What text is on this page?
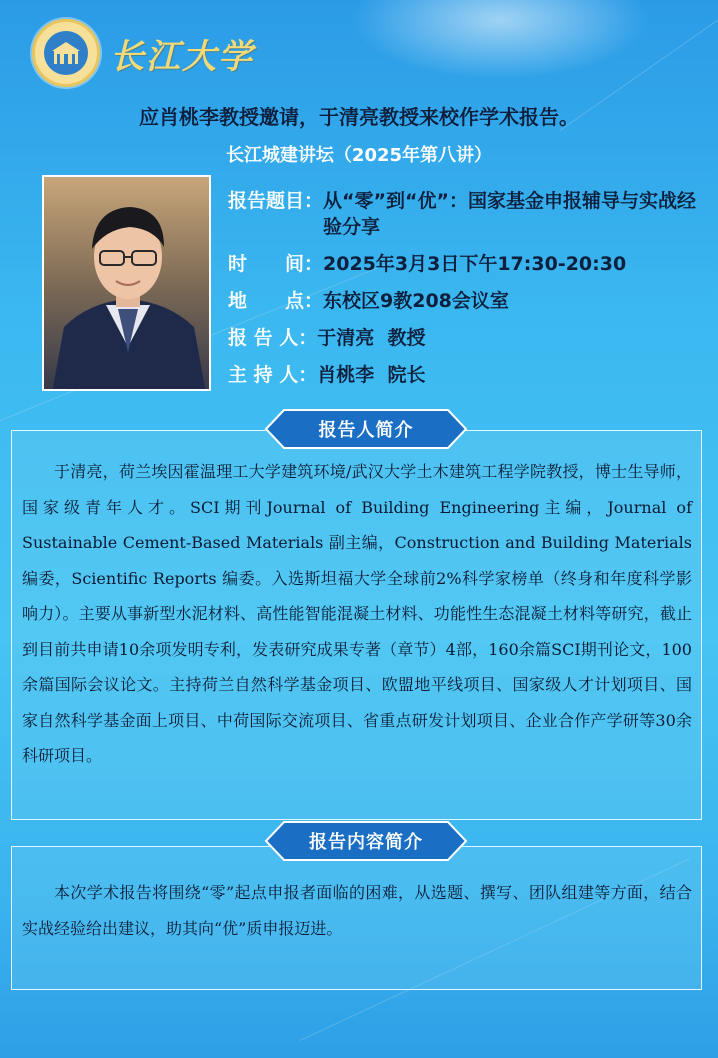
长江大学
应肖桃李教授邀请，于清亮教授来校作学术报告。
长江城建讲坛（2025年第八讲）
报告题目： 从“零”到“优”：国家基金申报辅导与实战经验分享
时　　间： 2025年3月3日下午17:30-20:30
地　　点： 东校区9教208会议室
报 告 人： 于清亮  教授
主 持 人： 肖桃李  院长
报告人简介
于清亮，荷兰埃因霍温理工大学建筑环境/武汉大学土木建筑工程学院教授，博士生导师，国家级青年人才。SCI期刊Journal of Building Engineering主编，Journal of Sustainable Cement-Based Materials 副主编，Construction and Building Materials 编委，Scientific Reports 编委。入选斯坦福大学全球前2%科学家榜单（终身和年度科学影响力）。主要从事新型水泥材料、高性能智能混凝土材料、功能性生态混凝土材料等研究，截止到目前共申请10余项发明专利，发表研究成果专著（章节）4部，160余篇SCI期刊论文，100余篇国际会议论文。主持荷兰自然科学基金项目、欧盟地平线项目、国家级人才计划项目、国家自然科学基金面上项目、中荷国际交流项目、省重点研发计划项目、企业合作产学研等30余科研项目。
报告内容简介
本次学术报告将围绕“零”起点申报者面临的困难，从选题、撰写、团队组建等方面，结合实战经验给出建议，助其向“优”质申报迈进。
